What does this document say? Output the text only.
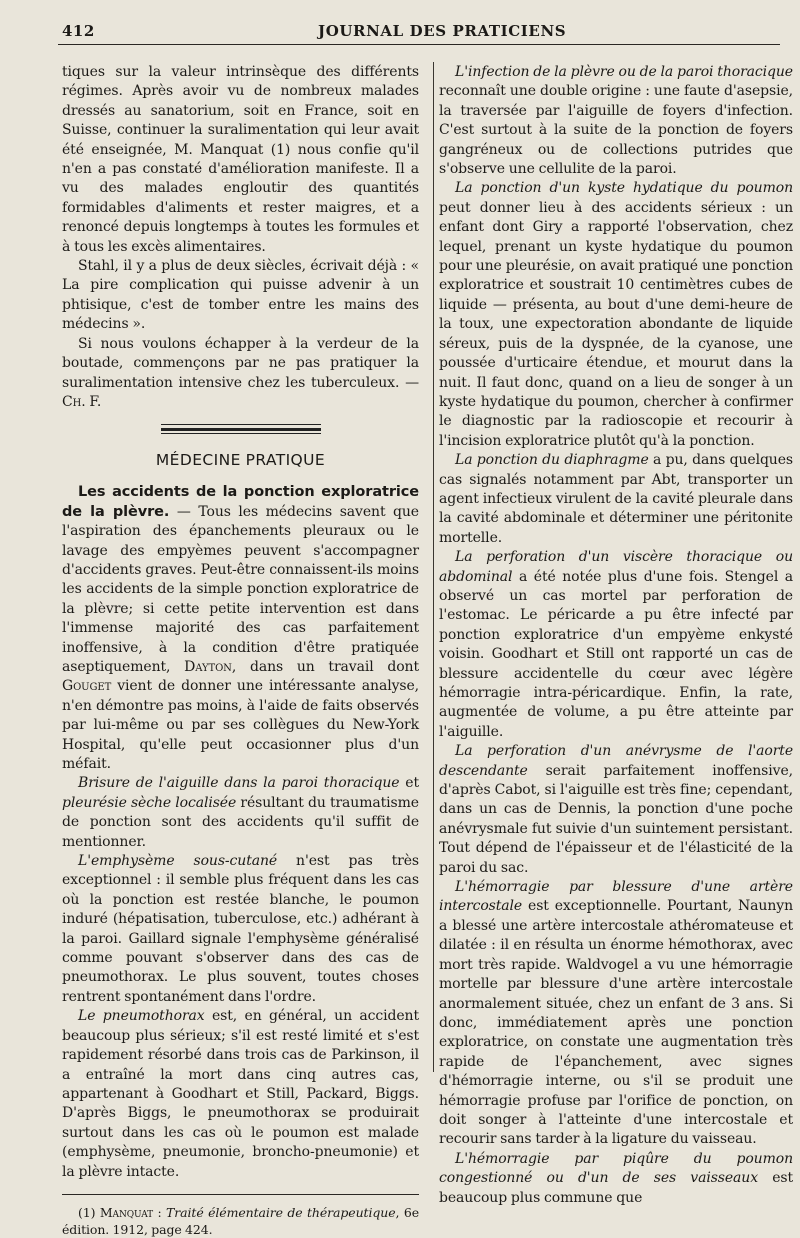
412	JOURNAL DES PRATICIENS

tiques sur la valeur intrinsèque des différents régimes. Après avoir vu de nombreux malades dressés au sanatorium, soit en France, soit en Suisse, continuer la suralimentation qui leur avait été enseignée, M. Manquat (1) nous confie qu'il n'en a pas constaté d'amélioration manifeste. Il a vu des malades engloutir des quantités formidables d'aliments et rester maigres, et a renoncé depuis longtemps à toutes les formules et à tous les excès alimentaires.

Stahl, il y a plus de deux siècles, écrivait déjà : « La pire complication qui puisse advenir à un phtisique, c'est de tomber entre les mains des médecins ».

Si nous voulons échapper à la verdeur de la boutade, commençons par ne pas pratiquer la suralimentation intensive chez les tuberculeux. — Ch. F.

MÉDECINE PRATIQUE

Les accidents de la ponction exploratrice de la plèvre. — Tous les médecins savent que l'aspiration des épanchements pleuraux ou le lavage des empyèmes peuvent s'accompagner d'accidents graves. Peut-être connaissent-ils moins les accidents de la simple ponction exploratrice de la plèvre; si cette petite intervention est dans l'immense majorité des cas parfaitement inoffensive, à la condition d'être pratiquée aseptiquement, Dayton, dans un travail dont Gouget vient de donner une intéressante analyse, n'en démontre pas moins, à l'aide de faits observés par lui-même ou par ses collègues du New-York Hospital, qu'elle peut occasionner plus d'un méfait.

Brisure de l'aiguille dans la paroi thoracique et pleurésie sèche localisée résultant du traumatisme de ponction sont des accidents qu'il suffit de mentionner.

L'emphysème sous-cutané n'est pas très exceptionnel : il semble plus fréquent dans les cas où la ponction est restée blanche, le poumon induré (hépatisation, tuberculose, etc.) adhérant à la paroi. Gaillard signale l'emphysème généralisé comme pouvant s'observer dans des cas de pneumothorax. Le plus souvent, toutes choses rentrent spontanément dans l'ordre.

Le pneumothorax est, en général, un accident beaucoup plus sérieux; s'il est resté limité et s'est rapidement résorbé dans trois cas de Parkinson, il a entraîné la mort dans cinq autres cas, appartenant à Goodhart et Still, Packard, Biggs. D'après Biggs, le pneumothorax se produirait surtout dans les cas où le poumon est malade (emphysème, pneumonie, broncho-pneumonie) et la plèvre intacte.

(1) Manquat : Traité élémentaire de thérapeutique, 6e édition. 1912, page 424.

L'infection de la plèvre ou de la paroi thoracique reconnaît une double origine : une faute d'asepsie, la traversée par l'aiguille de foyers d'infection. C'est surtout à la suite de la ponction de foyers gangréneux ou de collections putrides que s'observe une cellulite de la paroi.

La ponction d'un kyste hydatique du poumon peut donner lieu à des accidents sérieux : un enfant dont Giry a rapporté l'observation, chez lequel, prenant un kyste hydatique du poumon pour une pleurésie, on avait pratiqué une ponction exploratrice et soustrait 10 centimètres cubes de liquide — présenta, au bout d'une demi-heure de la toux, une expectoration abondante de liquide séreux, puis de la dyspnée, de la cyanose, une poussée d'urticaire étendue, et mourut dans la nuit. Il faut donc, quand on a lieu de songer à un kyste hydatique du poumon, chercher à confirmer le diagnostic par la radioscopie et recourir à l'incision exploratrice plutôt qu'à la ponction.

La ponction du diaphragme a pu, dans quelques cas signalés notamment par Abt, transporter un agent infectieux virulent de la cavité pleurale dans la cavité abdominale et déterminer une péritonite mortelle.

La perforation d'un viscère thoracique ou abdominal a été notée plus d'une fois. Stengel a observé un cas mortel par perforation de l'estomac. Le péricarde a pu être infecté par ponction exploratrice d'un empyème enkysté voisin. Goodhart et Still ont rapporté un cas de blessure accidentelle du cœur avec légère hémorragie intra-péricardique. Enfin, la rate, augmentée de volume, a pu être atteinte par l'aiguille.

La perforation d'un anévrysme de l'aorte descendante serait parfaitement inoffensive, d'après Cabot, si l'aiguille est très fine; cependant, dans un cas de Dennis, la ponction d'une poche anévrysmale fut suivie d'un suintement persistant. Tout dépend de l'épaisseur et de l'élasticité de la paroi du sac.

L'hémorragie par blessure d'une artère intercostale est exceptionnelle. Pourtant, Naunyn a blessé une artère intercostale athéromateuse et dilatée : il en résulta un énorme hémothorax, avec mort très rapide. Waldvogel a vu une hémorragie mortelle par blessure d'une artère intercostale anormalement située, chez un enfant de 3 ans. Si donc, immédiatement après une ponction exploratrice, on constate une augmentation très rapide de l'épanchement, avec signes d'hémorragie interne, ou s'il se produit une hémorragie profuse par l'orifice de ponction, on doit songer à l'atteinte d'une intercostale et recourir sans tarder à la ligature du vaisseau.

L'hémorragie par piqûre du poumon congestionné ou d'un de ses vaisseaux est beaucoup plus commune que
